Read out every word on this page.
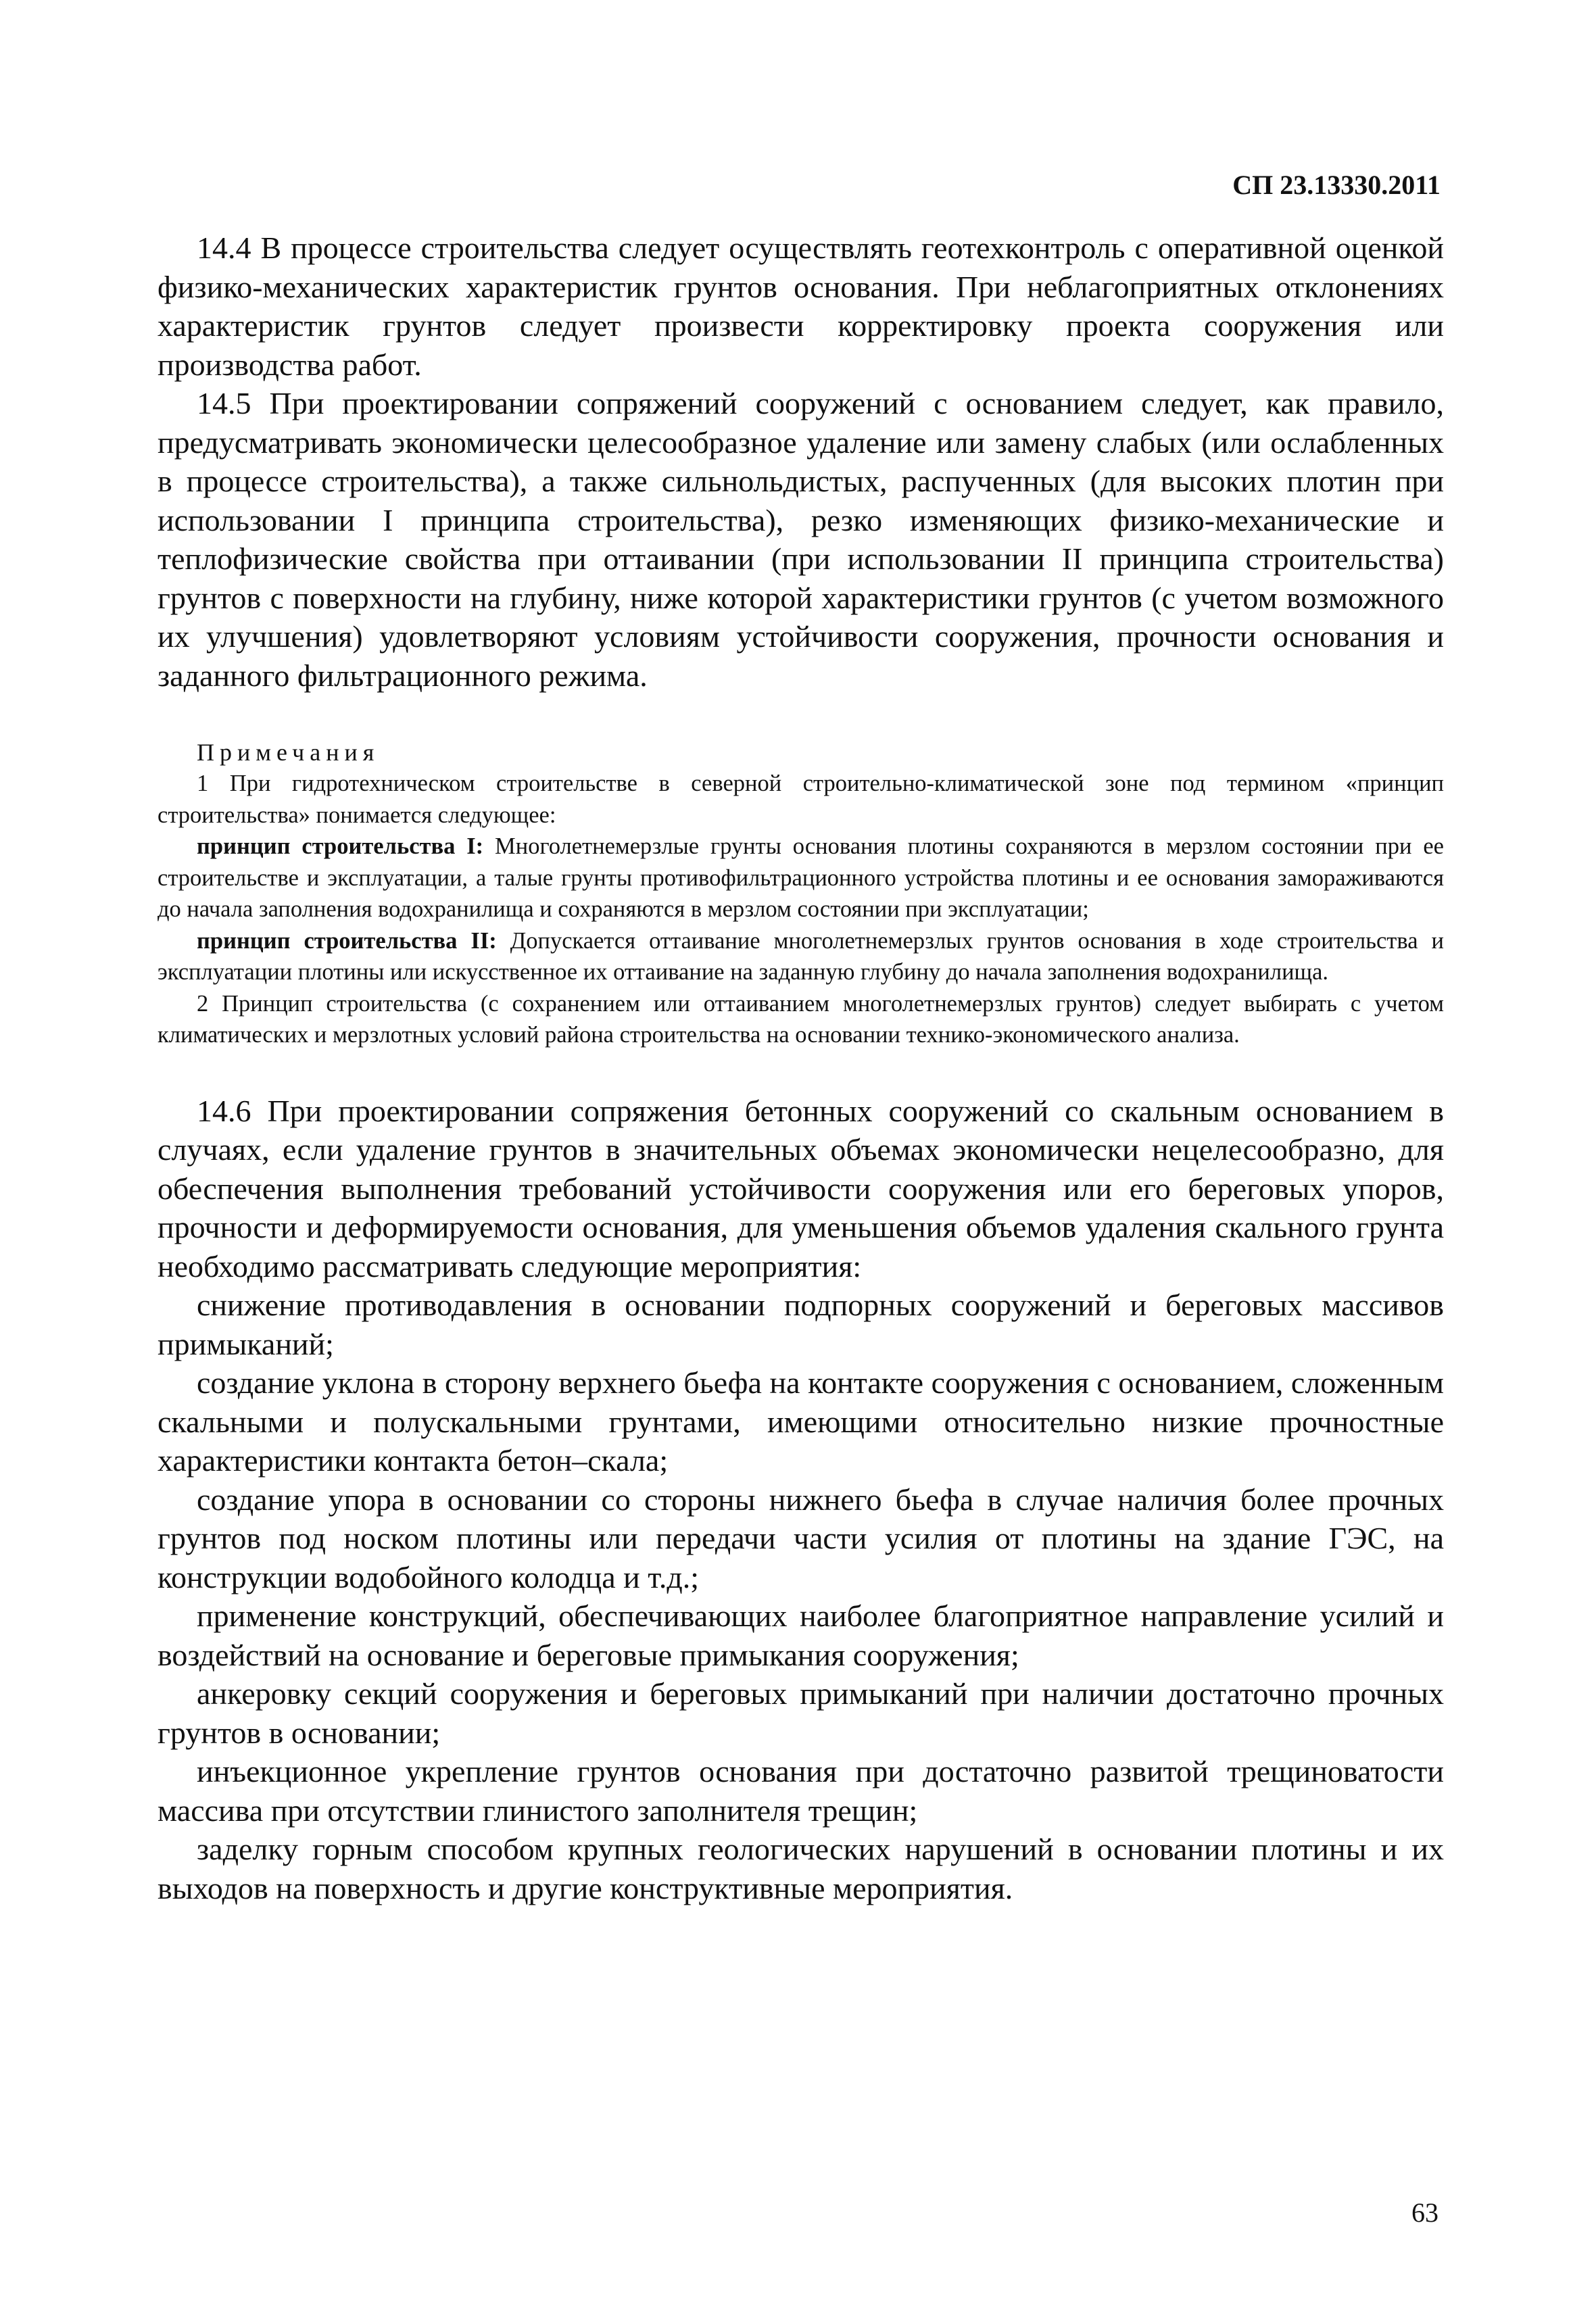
СП 23.13330.2011

14.4 В процессе строительства следует осуществлять геотехконтроль с оперативной оценкой физико-механических характеристик грунтов основания. При неблагоприятных отклонениях характеристик грунтов следует произвести корректировку проекта сооружения или производства работ.

14.5 При проектировании сопряжений сооружений с основанием следует, как правило, предусматривать экономически целесообразное удаление или замену слабых (или ослабленных в процессе строительства), а также сильнольдистых, распученных (для высоких плотин при использовании I принципа строительства), резко изменяющих физико-механические и теплофизические свойства при оттаивании (при использовании II принципа строительства) грунтов с поверхности на глубину, ниже которой характеристики грунтов (с учетом возможного их улучшения) удовлетворяют условиям устойчивости сооружения, прочности основания и заданного фильтрационного режима.

Примечания

1 При гидротехническом строительстве в северной строительно-климатической зоне под термином «принцип строительства» понимается следующее:

принцип строительства I: Многолетнемерзлые грунты основания плотины сохраняются в мерзлом состоянии при ее строительстве и эксплуатации, а талые грунты противофильтрационного устройства плотины и ее основания замораживаются до начала заполнения водохранилища и сохраняются в мерзлом состоянии при эксплуатации;

принцип строительства II: Допускается оттаивание многолетнемерзлых грунтов основания в ходе строительства и эксплуатации плотины или искусственное их оттаивание на заданную глубину до начала заполнения водохранилища.

2 Принцип строительства (с сохранением или оттаиванием многолетнемерзлых грунтов) следует выбирать с учетом климатических и мерзлотных условий района строительства на основании технико-экономического анализа.

14.6 При проектировании сопряжения бетонных сооружений со скальным основанием в случаях, если удаление грунтов в значительных объемах экономически нецелесообразно, для обеспечения выполнения требований устойчивости сооружения или его береговых упоров, прочности и деформируемости основания, для уменьшения объемов удаления скального грунта необходимо рассматривать следующие мероприятия:

снижение противодавления в основании подпорных сооружений и береговых массивов примыканий;

создание уклона в сторону верхнего бьефа на контакте сооружения с основанием, сложенным скальными и полускальными грунтами, имеющими относительно низкие прочностные характеристики контакта бетон–скала;

создание упора в основании со стороны нижнего бьефа в случае наличия более прочных грунтов под носком плотины или передачи части усилия от плотины на здание ГЭС, на конструкции водобойного колодца и т.д.;

применение конструкций, обеспечивающих наиболее благоприятное направление усилий и воздействий на основание и береговые примыкания сооружения;

анкеровку секций сооружения и береговых примыканий при наличии достаточно прочных грунтов в основании;

инъекционное укрепление грунтов основания при достаточно развитой трещиноватости массива при отсутствии глинистого заполнителя трещин;

заделку горным способом крупных геологических нарушений в основании плотины и их выходов на поверхность и другие конструктивные мероприятия.

63
